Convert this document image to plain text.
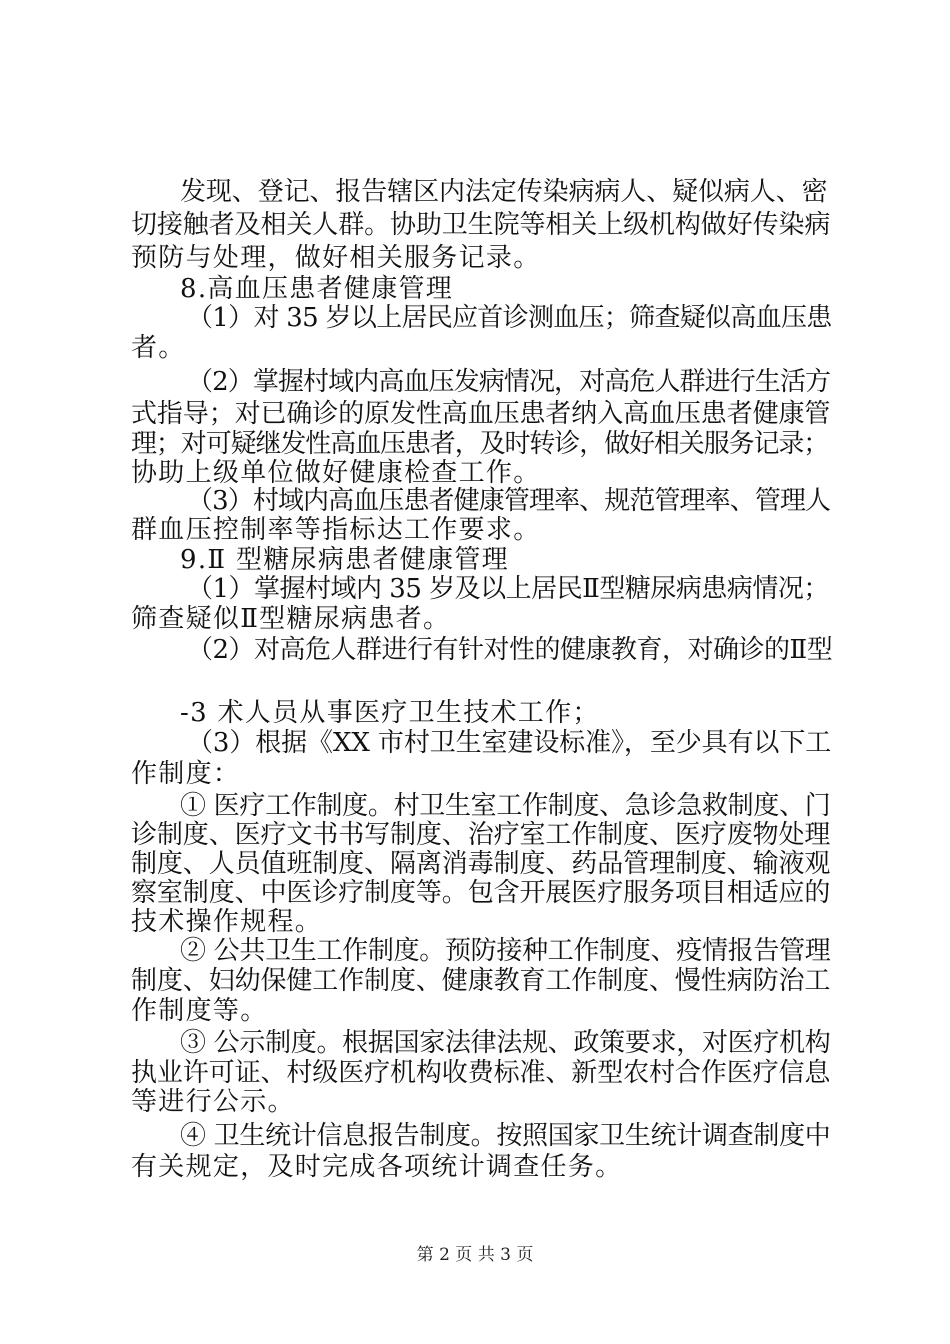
发现、登记、报告辖区内法定传染病病人、疑似病人、密
切接触者及相关人群。协助卫生院等相关上级机构做好传染病
预防与处理，做好相关服务记录。
8.高血压患者健康管理
（1）对 35 岁以上居民应首诊测血压；筛查疑似高血压患
者。
（2）掌握村域内高血压发病情况，对高危人群进行生活方
式指导；对已确诊的原发性高血压患者纳入高血压患者健康管
理；对可疑继发性高血压患者，及时转诊，做好相关服务记录；
协助上级单位做好健康检查工作。
（3）村域内高血压患者健康管理率、规范管理率、管理人
群血压控制率等指标达工作要求。
9.Ⅱ 型糖尿病患者健康管理
（1）掌握村域内 35 岁及以上居民Ⅱ型糖尿病患病情况；
筛查疑似Ⅱ型糖尿病患者。
（2）对高危人群进行有针对性的健康教育，对确诊的Ⅱ型
-3 术人员从事医疗卫生技术工作；
（3）根据《XX 市村卫生室建设标准》，至少具有以下工
作制度：
① 医疗工作制度。村卫生室工作制度、急诊急救制度、门
诊制度、医疗文书书写制度、治疗室工作制度、医疗废物处理
制度、人员值班制度、隔离消毒制度、药品管理制度、输液观
察室制度、中医诊疗制度等。包含开展医疗服务项目相适应的
技术操作规程。
② 公共卫生工作制度。预防接种工作制度、疫情报告管理
制度、妇幼保健工作制度、健康教育工作制度、慢性病防治工
作制度等。
③ 公示制度。根据国家法律法规、政策要求，对医疗机构
执业许可证、村级医疗机构收费标准、新型农村合作医疗信息
等进行公示。
④ 卫生统计信息报告制度。按照国家卫生统计调查制度中
有关规定，及时完成各项统计调查任务。
第 2 页 共 3 页
